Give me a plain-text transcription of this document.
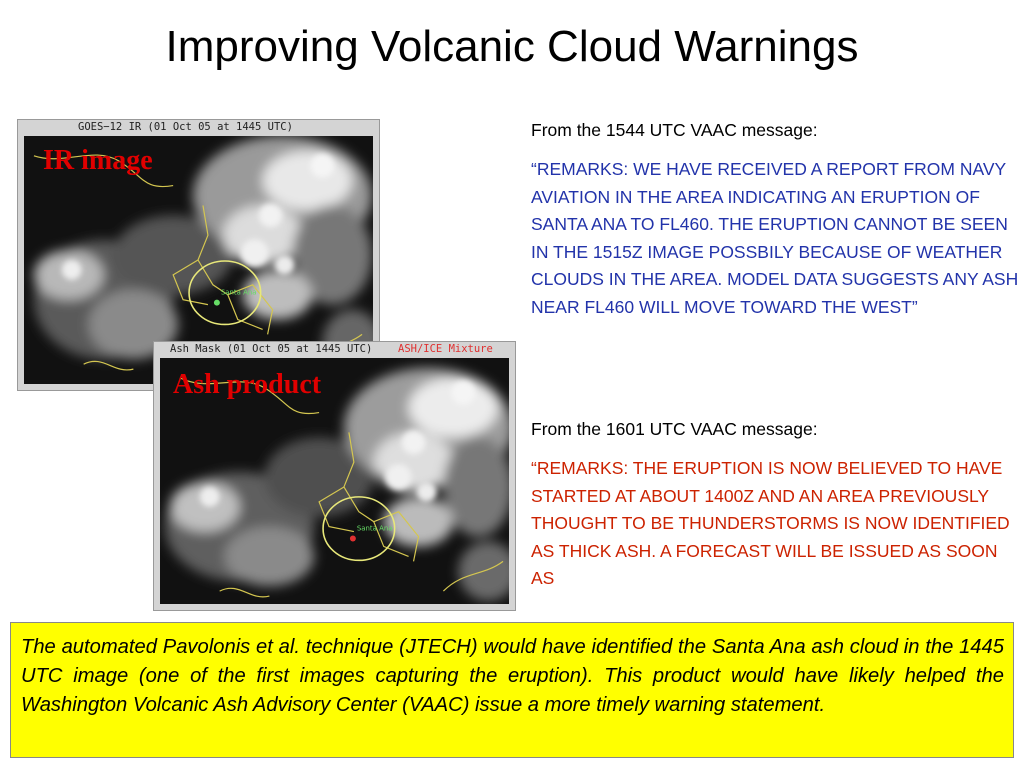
Improving Volcanic Cloud Warnings
GOES−12 IR (01 Oct 05 at 1445 UTC)
Santa Ana
IR image
Ash Mask (01 Oct 05 at 1445 UTC) ASH/ICE Mixture
Santa Ana
Ash product
From the 1544 UTC VAAC message:
“REMARKS: WE HAVE RECEIVED A REPORT FROM NAVY AVIATION IN THE AREA INDICATING AN ERUPTION OF SANTA ANA TO FL460. THE ERUPTION CANNOT BE SEEN IN THE 1515Z IMAGE POSSBILY BECAUSE OF WEATHER CLOUDS IN THE AREA. MODEL DATA SUGGESTS ANY ASH NEAR FL460 WILL MOVE TOWARD THE WEST”
From the 1601 UTC VAAC message:
“REMARKS: THE ERUPTION IS NOW BELIEVED TO HAVE STARTED AT ABOUT 1400Z AND AN AREA PREVIOUSLY THOUGHT TO BE THUNDERSTORMS IS NOW IDENTIFIED AS THICK ASH. A FORECAST WILL BE ISSUED AS SOON AS
The automated Pavolonis et al. technique (JTECH) would have identified the Santa Ana ash cloud in the 1445 UTC image (one of the first images capturing the eruption). This product would have likely helped the Washington Volcanic Ash Advisory Center (VAAC) issue a more timely warning statement.
